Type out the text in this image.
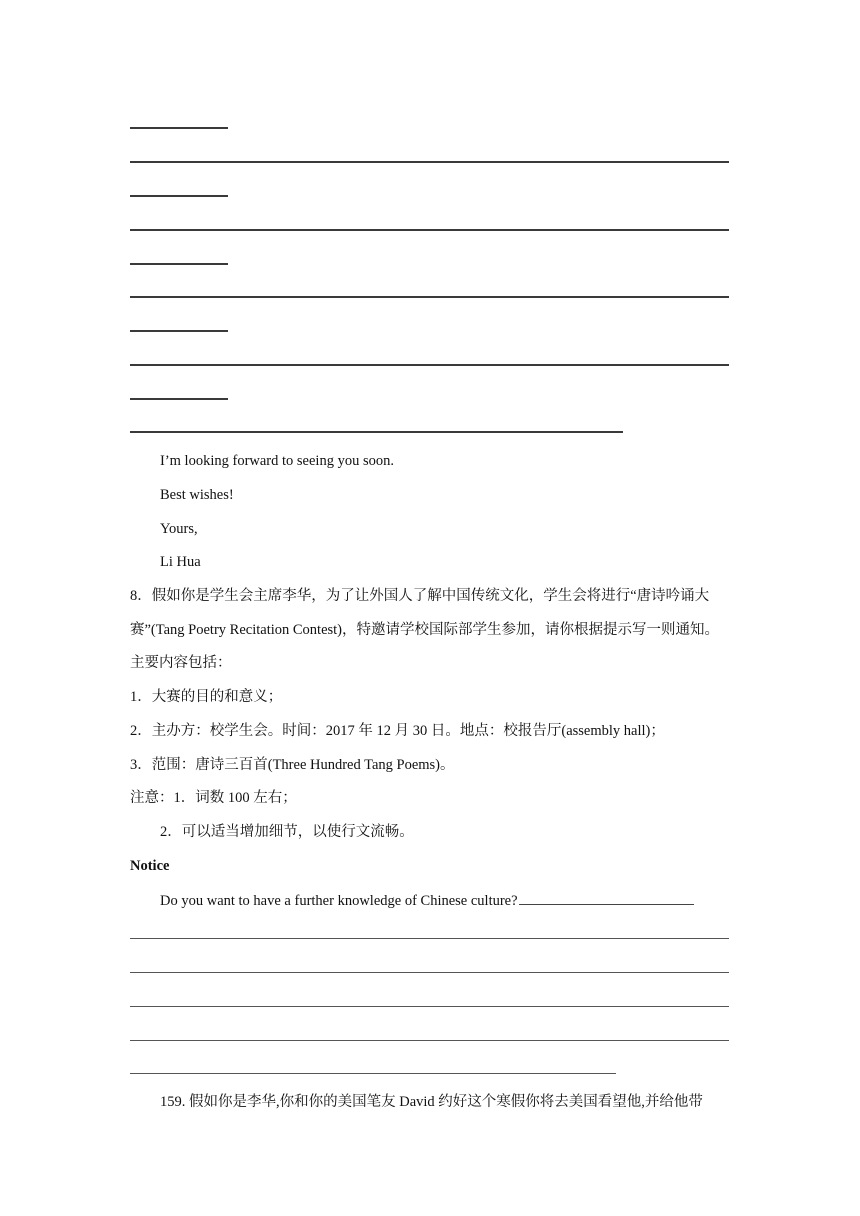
I’m looking forward to seeing you soon.
Best wishes!
Yours,
Li Hua
8．假如你是学生会主席李华，为了让外国人了解中国传统文化，学生会将进行“唐诗吟诵大
赛”(Tang Poetry Recitation Contest)，特邀请学校国际部学生参加，请你根据提示写一则通知。
主要内容包括：
1．大赛的目的和意义；
2．主办方：校学生会。时间：2017 年 12 月 30 日。地点：校报告厅(assembly hall)；
3．范围：唐诗三百首(Three Hundred Tang Poems)。
注意：1．词数 100 左右；
2．可以适当增加细节，以使行文流畅。
Notice
Do you want to have a further knowledge of Chinese culture?
159. 假如你是李华,你和你的美国笔友 David 约好这个寒假你将去美国看望他,并给他带
